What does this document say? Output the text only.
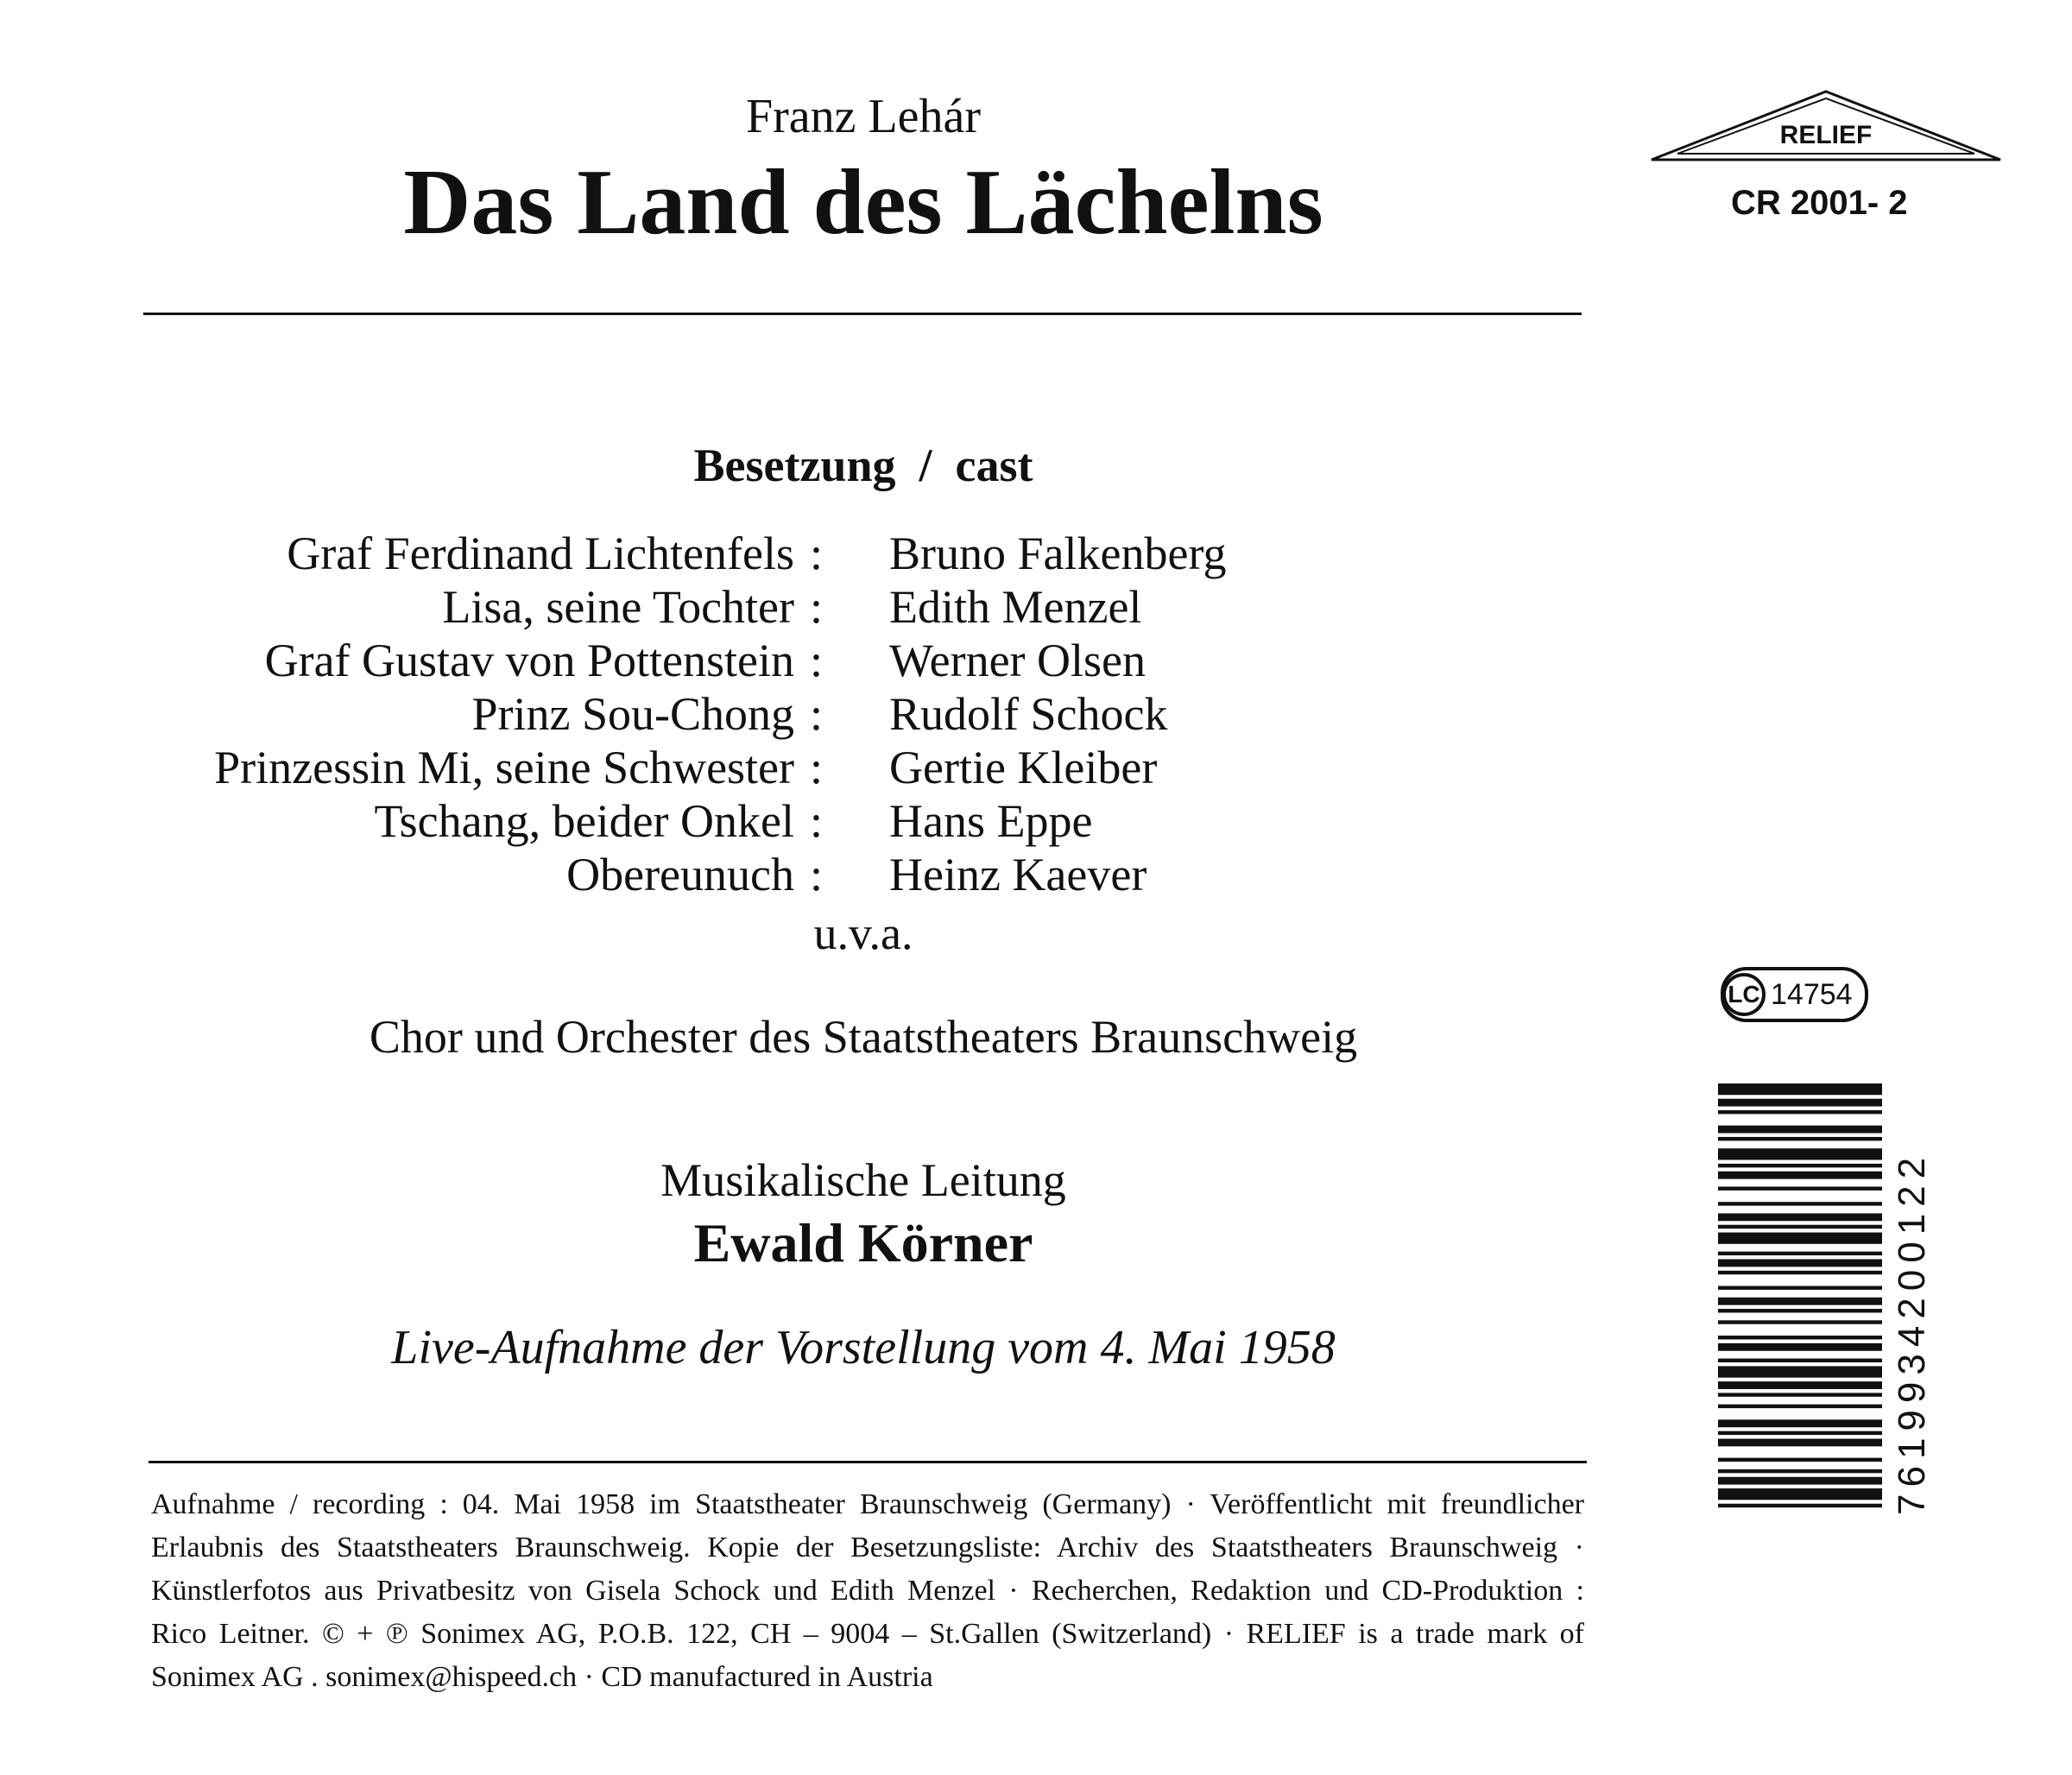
Franz Lehár
Das Land des Lächelns
RELIEF
CR 2001- 2
Besetzung  /  cast
Graf Ferdinand Lichtenfels : Bruno Falkenberg
Lisa, seine Tochter : Edith Menzel
Graf Gustav von Pottenstein : Werner Olsen
Prinz Sou-Chong : Rudolf Schock
Prinzessin Mi, seine Schwester : Gertie Kleiber
Tschang, beider Onkel : Hans Eppe
Obereunuch : Heinz Kaever
u.v.a.
Chor und Orchester des Staatstheaters Braunschweig
Musikalische Leitung
Ewald Körner
Live-Aufnahme der Vorstellung vom 4. Mai 1958
LC 14754
7619934200122
Aufnahme / recording : 04. Mai 1958 im Staatstheater Braunschweig (Germany) · Veröffentlicht mit freundlicher
Erlaubnis des Staatstheaters Braunschweig. Kopie der Besetzungsliste: Archiv des Staatstheaters Braunschweig ·
Künstlerfotos aus Privatbesitz von Gisela Schock und Edith Menzel · Recherchen, Redaktion und CD-Produktion :
Rico Leitner. © + ℗ Sonimex AG, P.O.B. 122, CH – 9004 – St.Gallen (Switzerland) · RELIEF is a trade mark of
Sonimex AG . sonimex@hispeed.ch · CD manufactured in Austria
